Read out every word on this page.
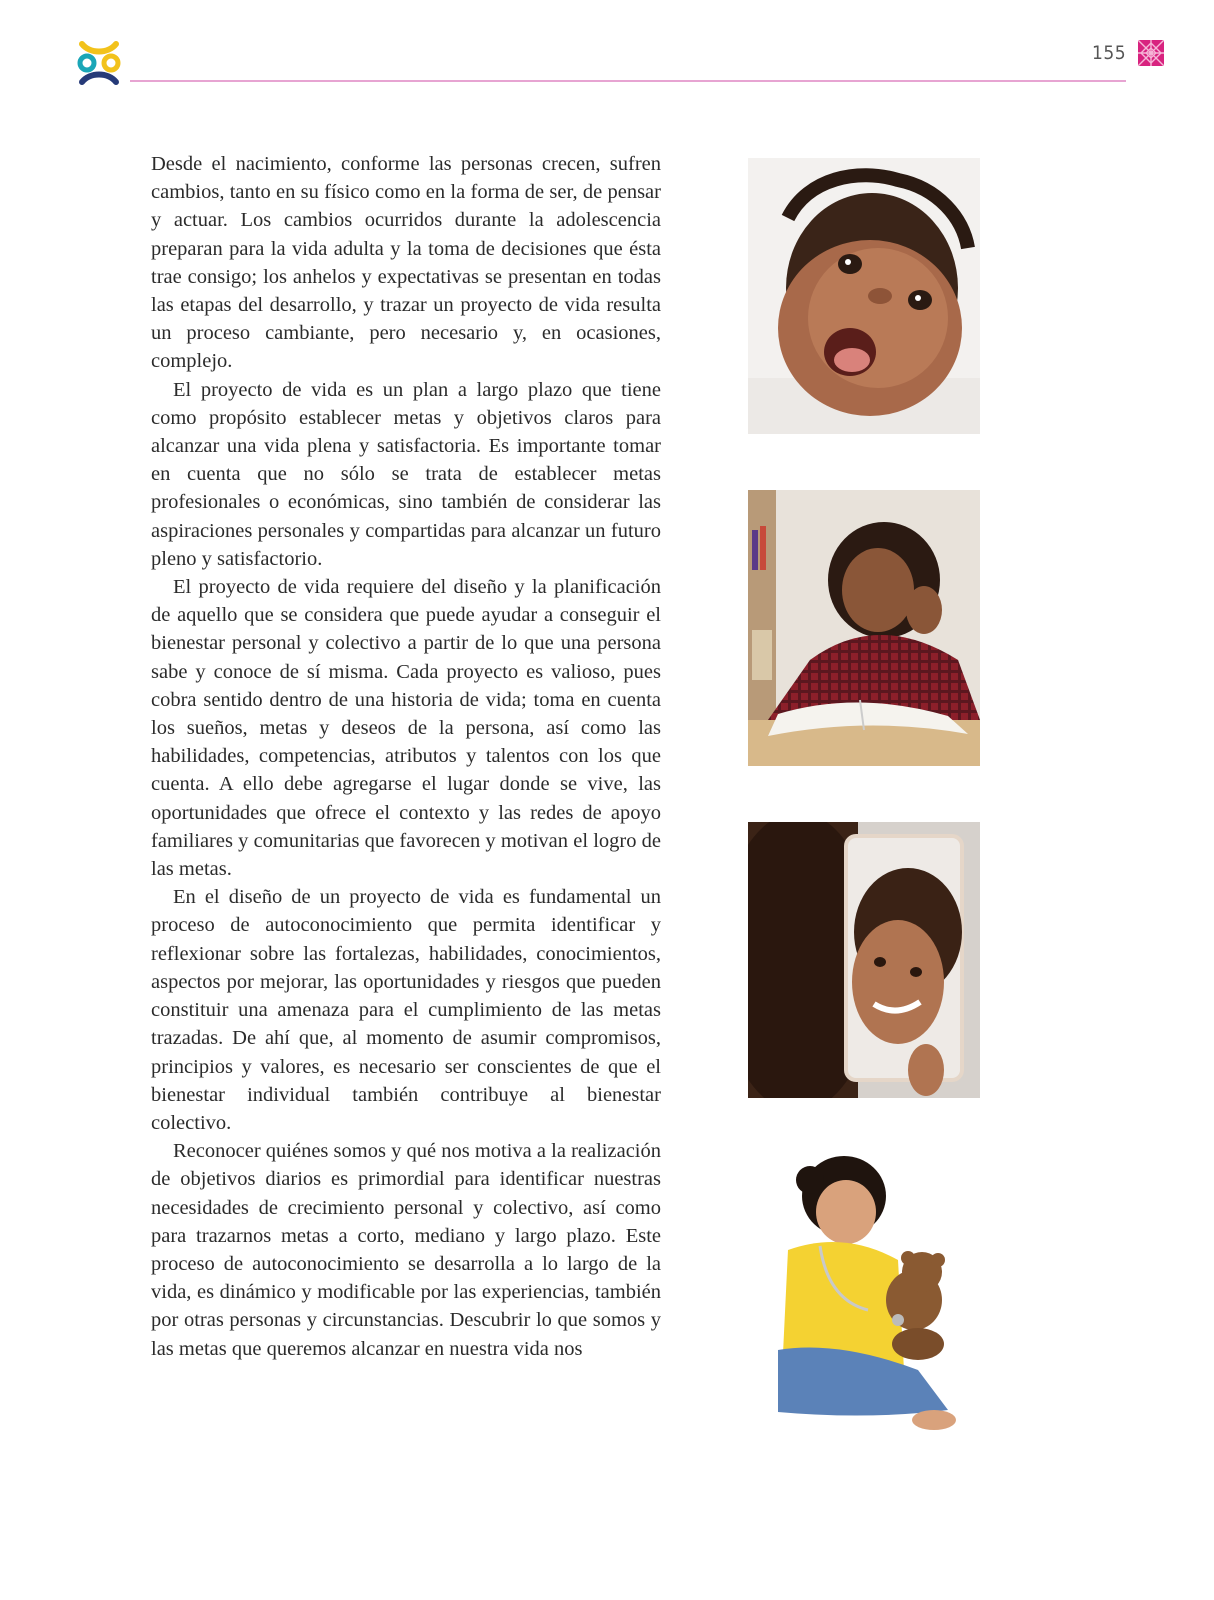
155

Desde el nacimiento, conforme las personas crecen, sufren cambios, tanto en su físico como en la forma de ser, de pensar y actuar. Los cambios ocurridos durante la adolescencia preparan para la vida adulta y la toma de decisiones que ésta trae consigo; los anhelos y expectativas se presentan en todas las etapas del desarrollo, y trazar un proyecto de vida resulta un proceso cambiante, pero necesario y, en ocasiones, complejo.

El proyecto de vida es un plan a largo plazo que tiene como propósito establecer metas y objetivos claros para alcanzar una vida plena y satisfactoria. Es importante tomar en cuenta que no sólo se trata de establecer metas profesionales o económicas, sino también de considerar las aspiraciones personales y compartidas para alcanzar un futuro pleno y satisfactorio.

El proyecto de vida requiere del diseño y la planificación de aquello que se considera que puede ayudar a conseguir el bienestar personal y colectivo a partir de lo que una persona sabe y conoce de sí misma. Cada proyecto es valioso, pues cobra sentido dentro de una historia de vida; toma en cuenta los sueños, metas y deseos de la persona, así como las habilidades, competencias, atributos y talentos con los que cuenta. A ello debe agregarse el lugar donde se vive, las oportunidades que ofrece el contexto y las redes de apoyo familiares y comunitarias que favorecen y motivan el logro de las metas.

En el diseño de un proyecto de vida es fundamental un proceso de autoconocimiento que permita identificar y reflexionar sobre las fortalezas, habilidades, conocimientos, aspectos por mejorar, las oportunidades y riesgos que pueden constituir una amenaza para el cumplimiento de las metas trazadas. De ahí que, al momento de asumir compromisos, principios y valores, es necesario ser conscientes de que el bienestar individual también contribuye al bienestar colectivo.

Reconocer quiénes somos y qué nos motiva a la realización de objetivos diarios es primordial para identificar nuestras necesidades de crecimiento personal y colectivo, así como para trazarnos metas a corto, mediano y largo plazo. Este proceso de autoconocimiento se desarrolla a lo largo de la vida, es dinámico y modificable por las experiencias, también por otras personas y circunstancias. Descubrir lo que somos y las metas que queremos alcanzar en nuestra vida nos
